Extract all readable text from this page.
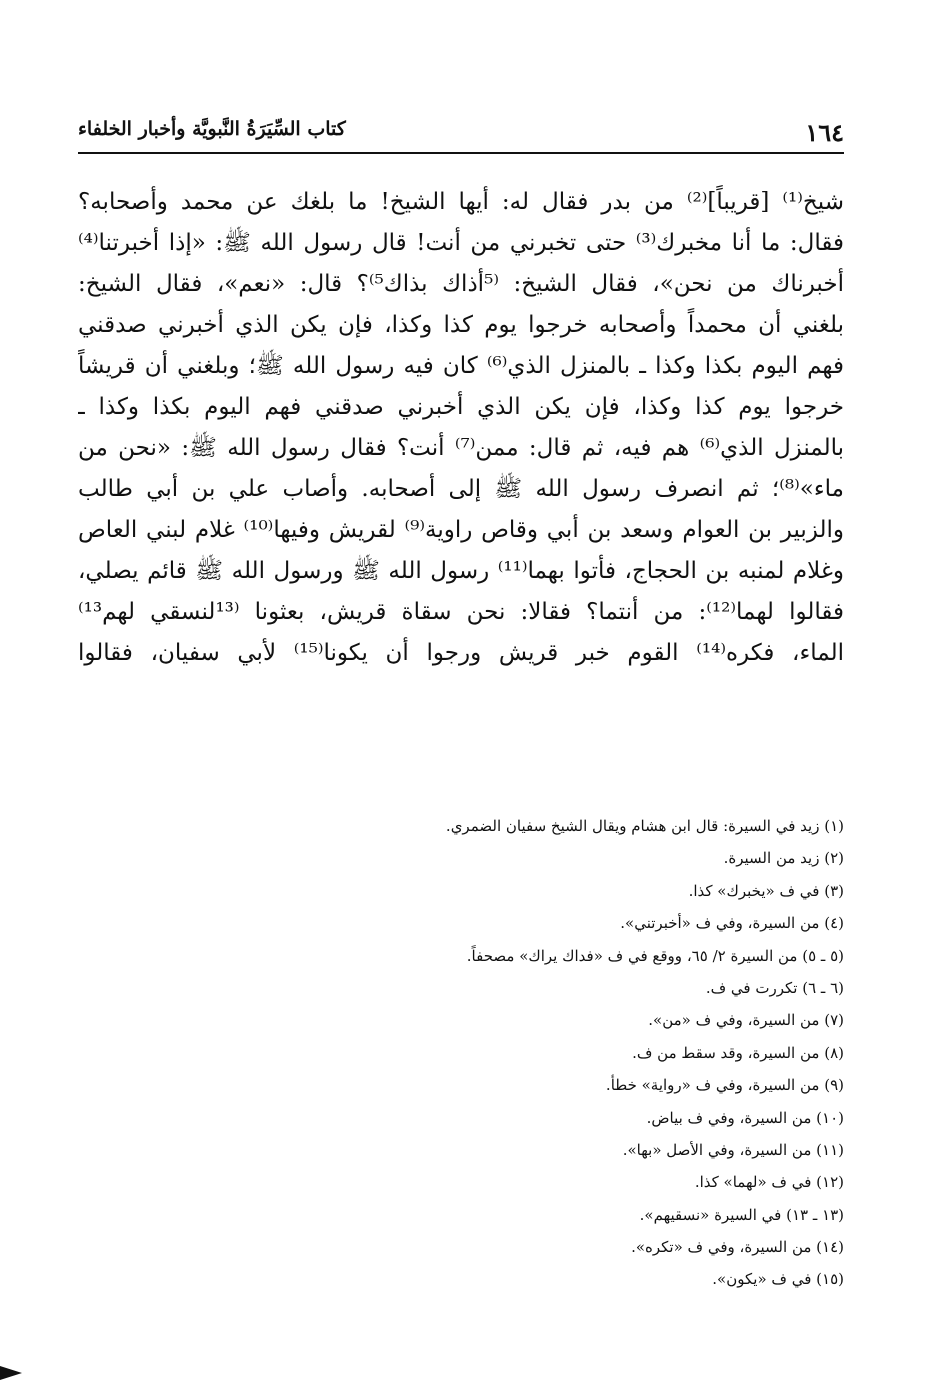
كتاب السِّيَرَةُ النَّبويَّة وأخبار الخلفاء	١٦٤
شيخ⁽¹⁾ [قريباً]⁽²⁾ من بدر فقال له: أيها الشيخ! ما بلغك عن محمد وأصحابه؟
فقال: ما أنا مخبرك⁽³⁾ حتى تخبرني من أنت! قال رسول الله ﷺ: «إذا أخبرتنا⁽⁴⁾
أخبرناك من نحن»، فقال الشيخ: ⁽⁵أذاك بذاك⁵⁾؟ قال: «نعم»، فقال الشيخ:
بلغني أن محمداً وأصحابه خرجوا يوم كذا وكذا، فإن يكن الذي أخبرني صدقني
فهم اليوم بكذا وكذا ـ بالمنزل الذي⁽⁶⁾ كان فيه رسول الله ﷺ؛ وبلغني أن قريشاً
خرجوا يوم كذا وكذا، فإن يكن الذي أخبرني صدقني فهم اليوم بكذا وكذا ـ
بالمنزل الذي⁽⁶⁾ هم فيه، ثم قال: ممن⁽⁷⁾ أنت؟ فقال رسول الله ﷺ: «نحن من
ماء»⁽⁸⁾؛ ثم انصرف رسول الله ﷺ إلى أصحابه. وأصاب علي بن أبي طالب
والزبير بن العوام وسعد بن أبي وقاص راوية⁽⁹⁾ لقريش وفيها⁽¹⁰⁾ غلام لبني العاص
وغلام لمنبه بن الحجاج، فأتوا بهما⁽¹¹⁾ رسول الله ﷺ ورسول الله ﷺ قائم يصلي،
فقالوا لهما⁽¹²⁾: من أنتما؟ فقالا: نحن سقاة قريش، بعثونا ⁽¹³لنسقي لهم¹³⁾
الماء، فكره⁽¹⁴⁾ القوم خبر قريش ورجوا أن يكونا⁽¹⁵⁾ لأبي سفيان، فقالوا
(١) زيد في السيرة: قال ابن هشام ويقال الشيخ سفيان الضمري.
(٢) زيد من السيرة.
(٣) في ف «يخبرك» كذا.
(٤) من السيرة، وفي ف «أخبرتني».
(٥ ـ ٥) من السيرة ٢/ ٦٥، ووقع في ف «فداك يراك» مصحفاً.
(٦ ـ ٦) تكررت في ف.
(٧) من السيرة، وفي ف «من».
(٨) من السيرة، وقد سقط من ف.
(٩) من السيرة، وفي ف «رواية» خطأ.
(١٠) من السيرة، وفي ف بياض.
(١١) من السيرة، وفي الأصل «بها».
(١٢) في ف «لهما» كذا.
(١٣ ـ ١٣) في السيرة «نسقيهم».
(١٤) من السيرة، وفي ف «تكره».
(١٥) في ف «يكون».
